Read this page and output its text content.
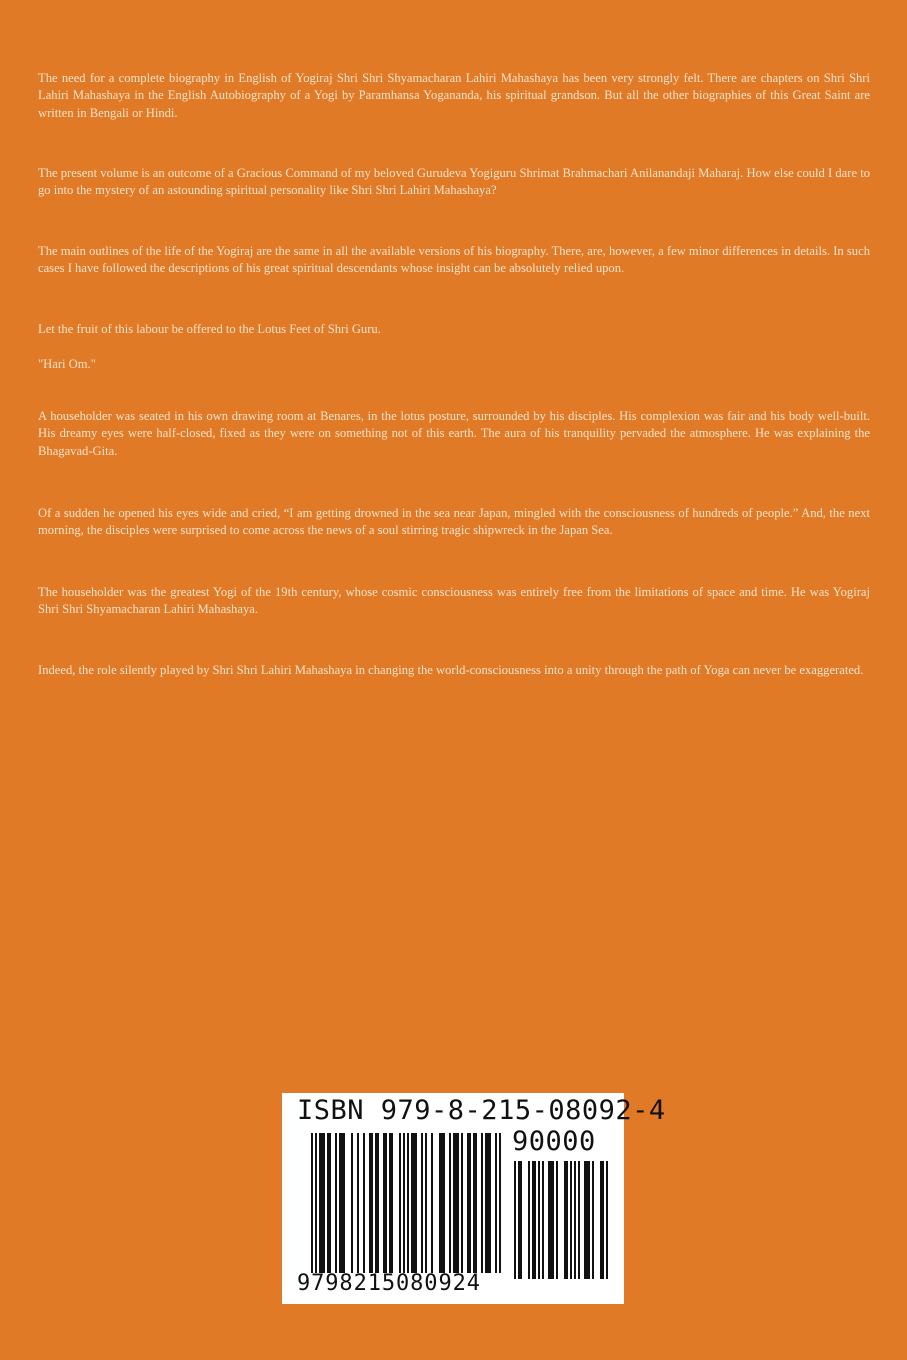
The need for a complete biography in English of Yogiraj Shri Shri Shyamacharan Lahiri Mahashaya has been very strongly felt. There are chapters on Shri Shri Lahiri Mahashaya in the English Autobiography of a Yogi by Paramhansa Yogananda, his spiritual grandson. But all the other biographies of this Great Saint are written in Bengali or Hindi.

The present volume is an outcome of a Gracious Command of my beloved Gurudeva Yogiguru Shrimat Brahmachari Anilanandaji Maharaj. How else could I dare to go into the mystery of an astounding spiritual personality like Shri Shri Lahiri Mahashaya?

The main outlines of the life of the Yogiraj are the same in all the available versions of his biography. There, are, however, a few minor differences in details. In such cases I have followed the descriptions of his great spiritual descendants whose insight can be absolutely relied upon.

Let the fruit of this labour be offered to the Lotus Feet of Shri Guru.

"Hari Om."

A householder was seated in his own drawing room at Benares, in the lotus posture, surrounded by his disciples. His complexion was fair and his body well-built. His dreamy eyes were half-closed, fixed as they were on something not of this earth. The aura of his tranquility pervaded the atmosphere. He was explaining the Bhagavad-Gita.

Of a sudden he opened his eyes wide and cried, “I am getting drowned in the sea near Japan, mingled with the consciousness of hundreds of people.” And, the next morning, the disciples were surprised to come across the news of a soul stirring tragic shipwreck in the Japan Sea.

The householder was the greatest Yogi of the 19th century, whose cosmic consciousness was entirely free from the limitations of space and time. He was Yogiraj Shri Shri Shyamacharan Lahiri Mahashaya.

Indeed, the role silently played by Shri Shri Lahiri Mahashaya in changing the world-consciousness into a unity through the path of Yoga can never be exaggerated.

ISBN 979-8-215-08092-4
90000
9798215080924
